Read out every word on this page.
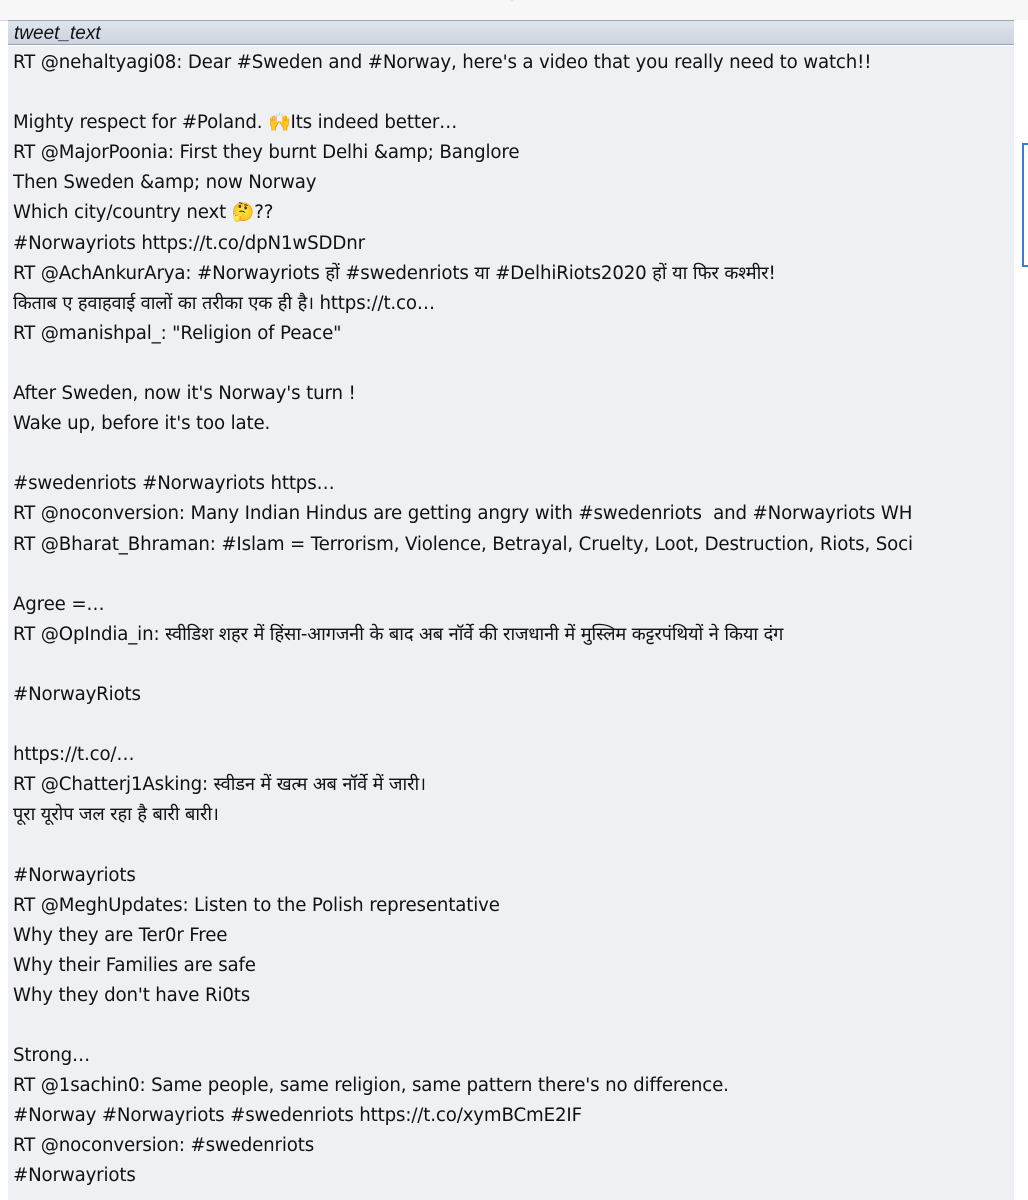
ˇ
tweet_text
RT @nehaltyagi08: Dear #Sweden and #Norway, here's a video that you really need to watch!!

Mighty respect for #Poland. 🙌Its indeed better…
RT @MajorPoonia: First they burnt Delhi &amp; Banglore
Then Sweden &amp; now Norway
Which city/country next 🤔??
#Norwayriots https://t.co/dpN1wSDDnr
RT @AchAnkurArya: #Norwayriots हों #swedenriots या #DelhiRiots2020 हों या फिर कश्मीर!
किताब ए हवाहवाई वालों का तरीका एक ही है। https://t.co…
RT @manishpal_: "Religion of Peace"

After Sweden, now it's Norway's turn !
Wake up, before it's too late.

#swedenriots #Norwayriots https…
RT @noconversion: Many Indian Hindus are getting angry with #swedenriots  and #Norwayriots WH
RT @Bharat_Bhraman: #Islam = Terrorism, Violence, Betrayal, Cruelty, Loot, Destruction, Riots, Soci

Agree =…
RT @OpIndia_in: स्वीडिश शहर में हिंसा-आगजनी के बाद अब नॉर्वे की राजधानी में मुस्लिम कट्टरपंथियों ने किया दंग

#NorwayRiots

https://t.co/…
RT @Chatterj1Asking: स्वीडन में खत्म अब नॉर्वे में जारी।
पूरा यूरोप जल रहा है बारी बारी।

#Norwayriots
RT @MeghUpdates: Listen to the Polish representative
Why they are Ter0r Free
Why their Families are safe
Why they don't have Ri0ts

Strong…
RT @1sachin0: Same people, same religion, same pattern there's no difference.
#Norway #Norwayriots #swedenriots https://t.co/xymBCmE2IF
RT @noconversion: #swedenriots
#Norwayriots
